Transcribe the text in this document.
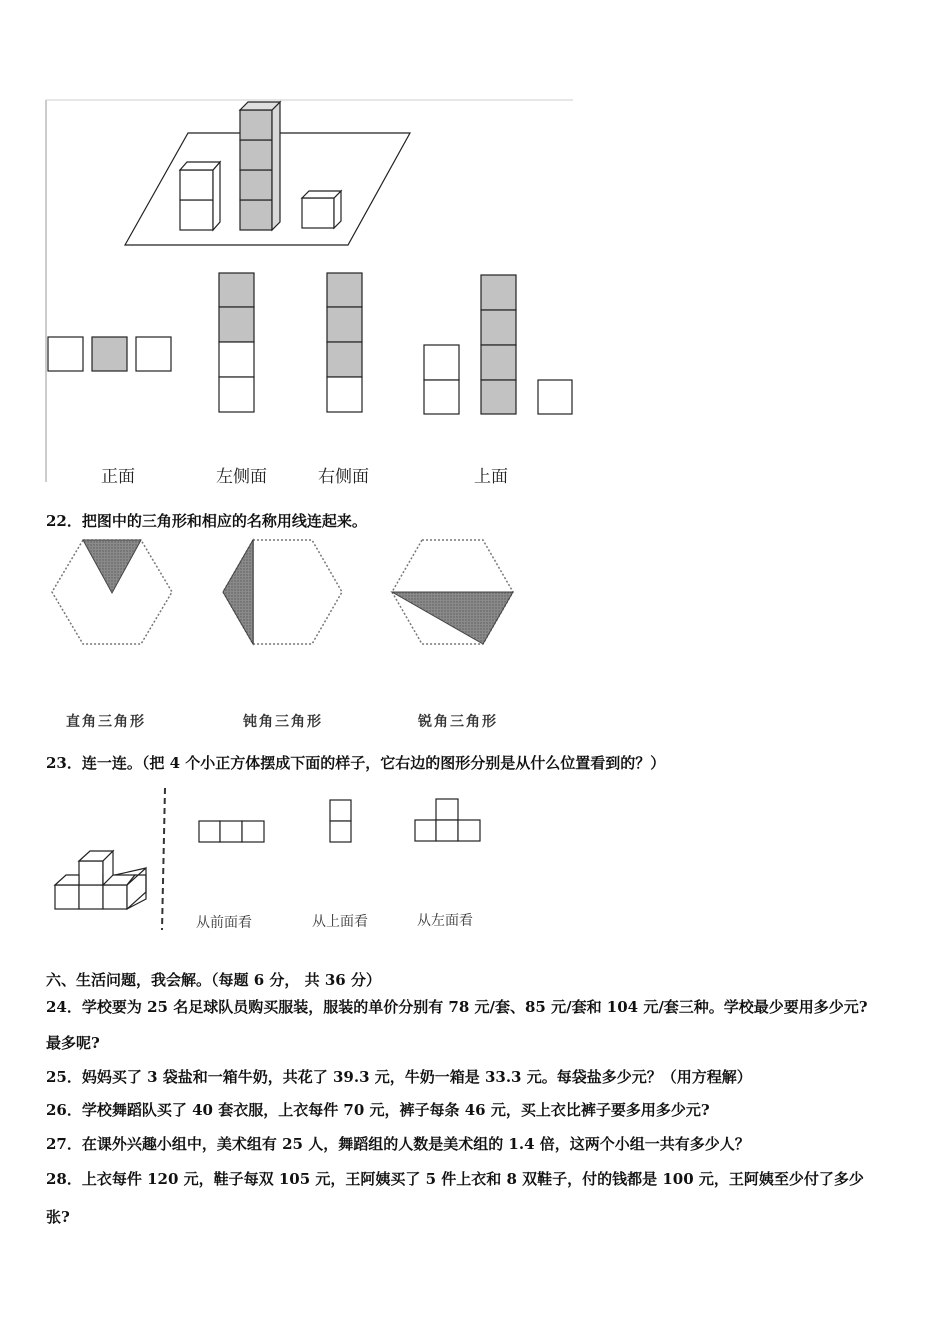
正面	左侧面	右侧面	上面
22．把图中的三角形和相应的名称用线连起来。
直角三角形	钝角三角形	锐角三角形
23．连一连。（把 4 个小正方体摆成下面的样子，它右边的图形分别是从什么位置看到的？）
从前面看	从上面看	从左面看
六、生活问题，我会解。（每题 6 分， 共 36 分）
24．学校要为 25 名足球队员购买服装，服装的单价分别有 78 元/套、85 元/套和 104 元/套三种。学校最少要用多少元?
最多呢?
25．妈妈买了 3 袋盐和一箱牛奶，共花了 39.3 元，牛奶一箱是 33.3 元。每袋盐多少元？（用方程解）
26．学校舞蹈队买了 40 套衣服，上衣每件 70 元，裤子每条 46 元，买上衣比裤子要多用多少元?
27．在课外兴趣小组中，美术组有 25 人，舞蹈组的人数是美术组的 1.4 倍，这两个小组一共有多少人？
28．上衣每件 120 元，鞋子每双 105 元，王阿姨买了 5 件上衣和 8 双鞋子，付的钱都是 100 元，王阿姨至少付了多少
张?
